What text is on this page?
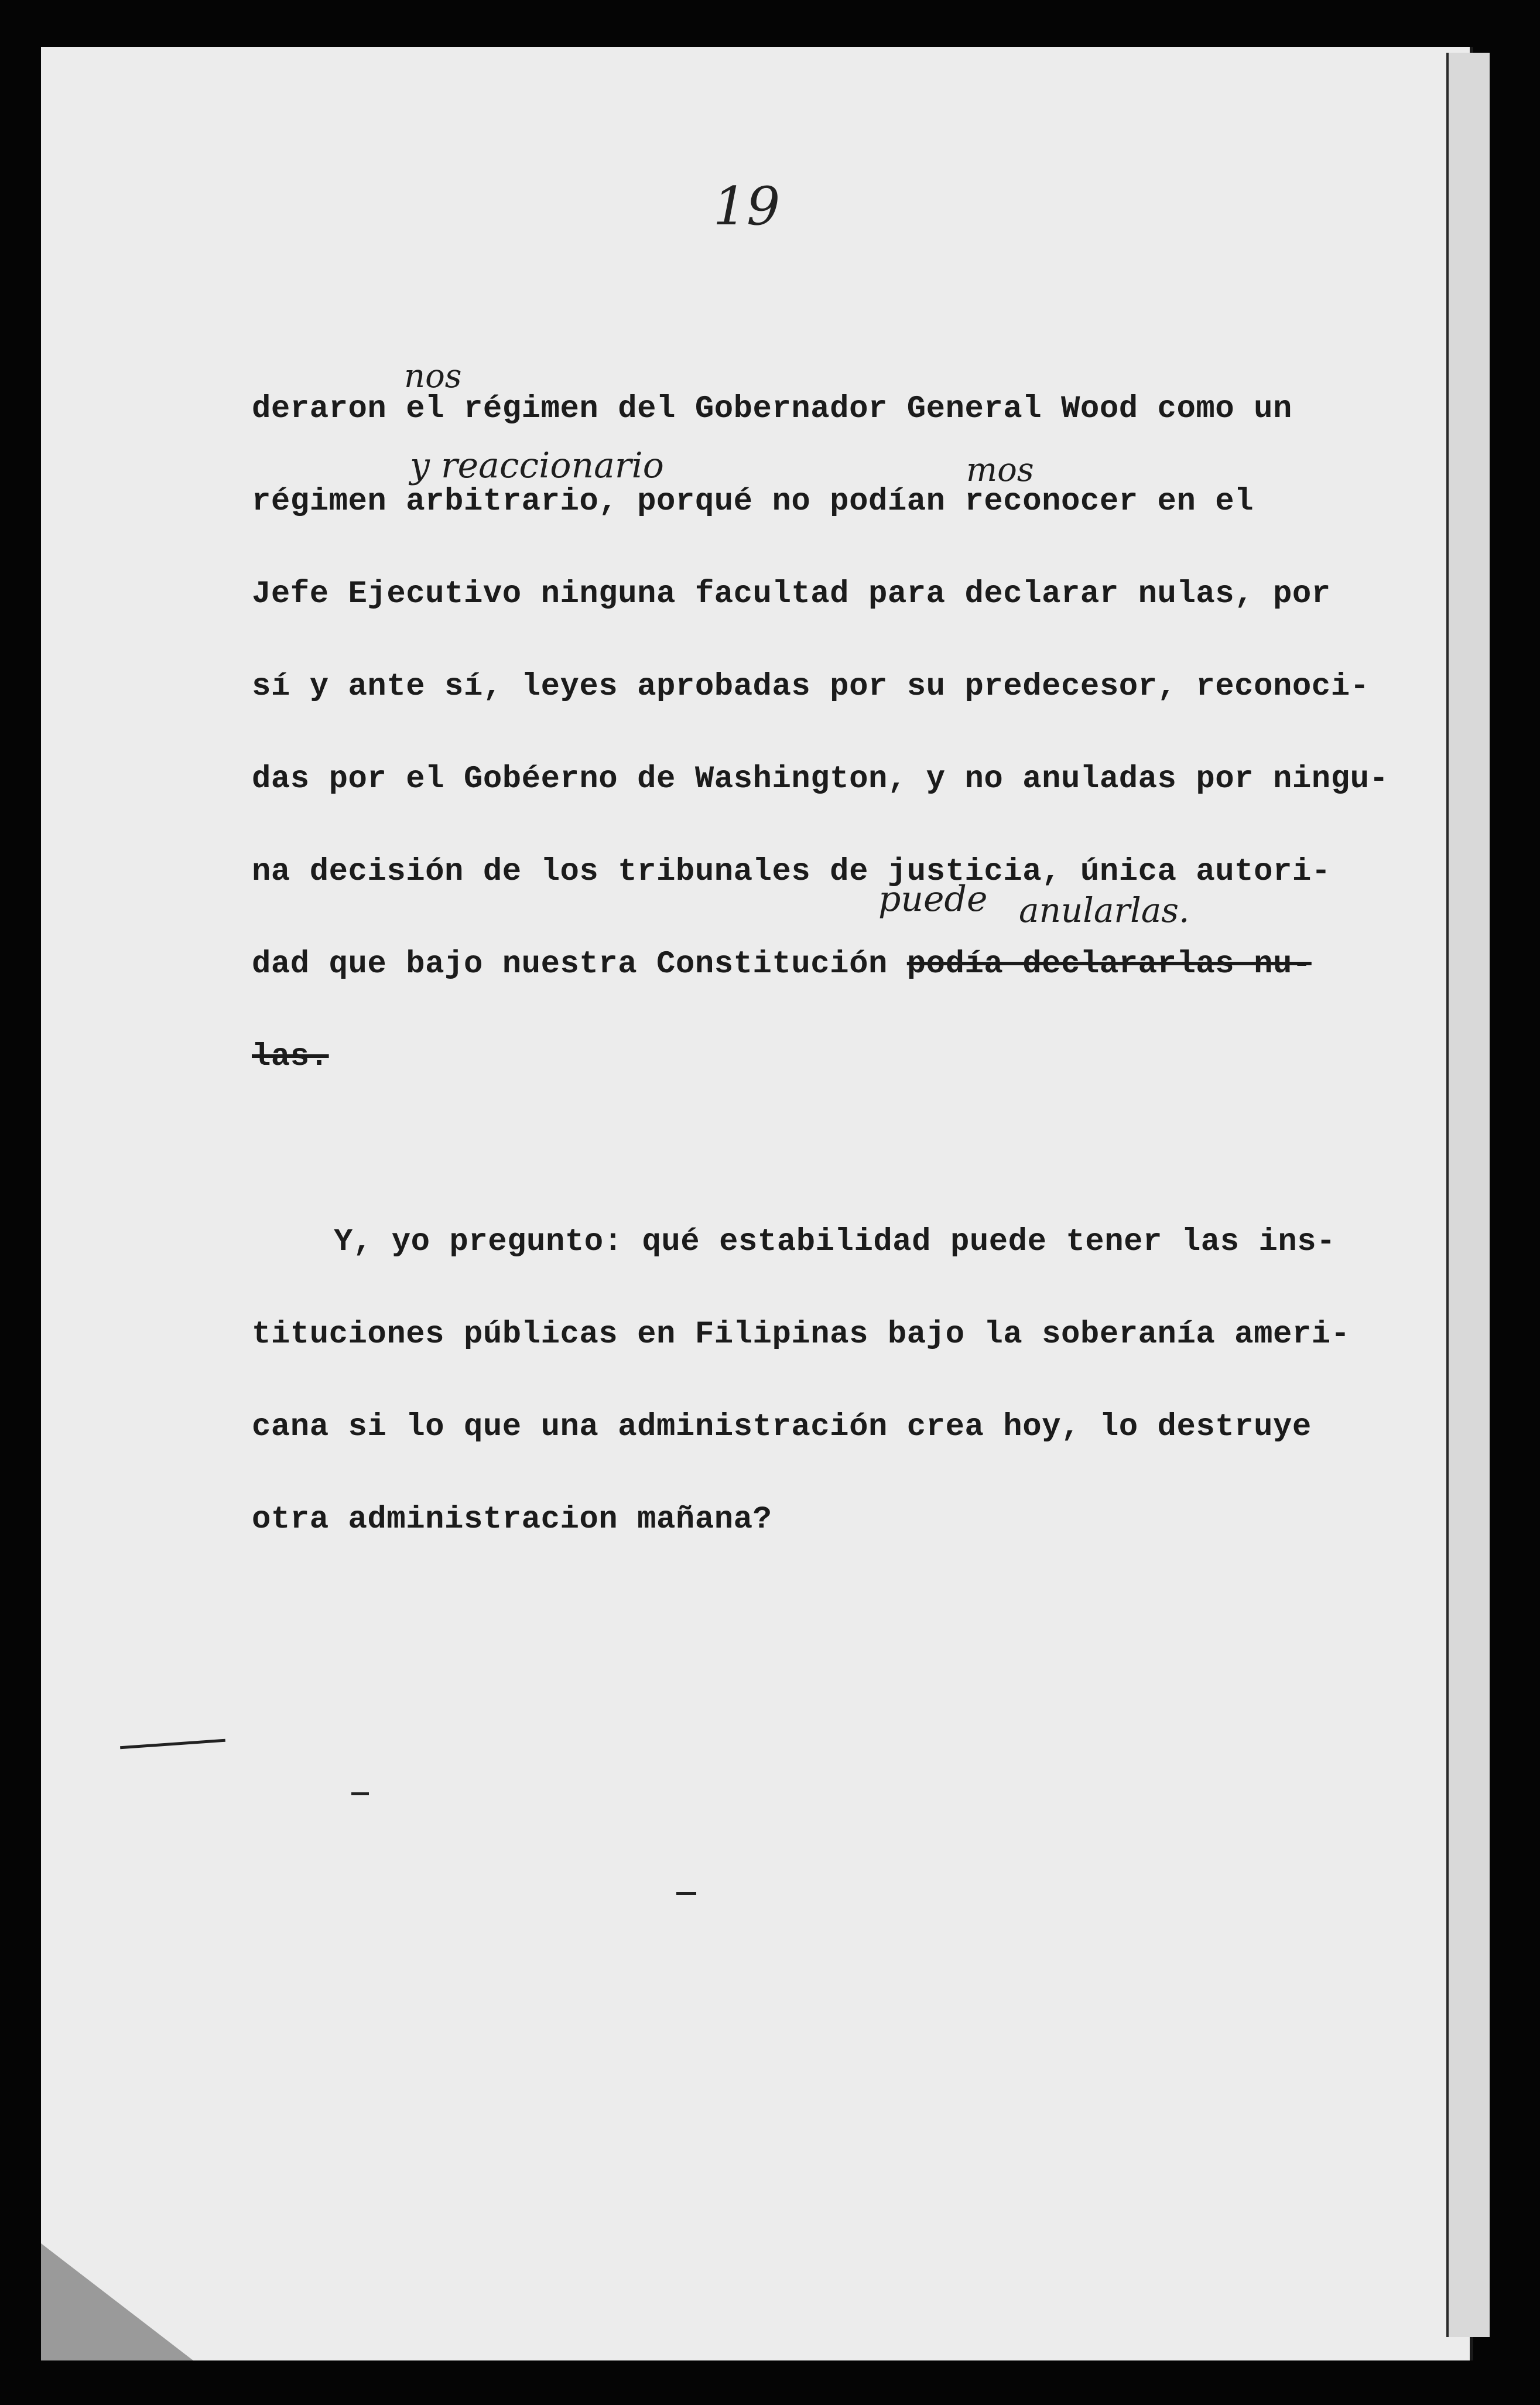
19
deraron el régimen del Gobernador General Wood como un
régimen arbitrario, porqué no podían reconocer en el
Jefe Ejecutivo ninguna facultad para declarar nulas, por
sí y ante sí, leyes aprobadas por su predecesor, reconoci-
das por el Gobéerno de Washington, y no anuladas por ningu-
na decisión de los tribunales de justicia, única autori-
dad que bajo nuestra Constitución podía declararlas nu-
las.
Y, yo pregunto: qué estabilidad puede tener las ins-
tituciones públicas en Filipinas bajo la soberanía ameri-
cana si lo que una administración crea hoy, lo destruye
otra administracion mañana?
nos
y reaccionario	mos
puede anularlas.
